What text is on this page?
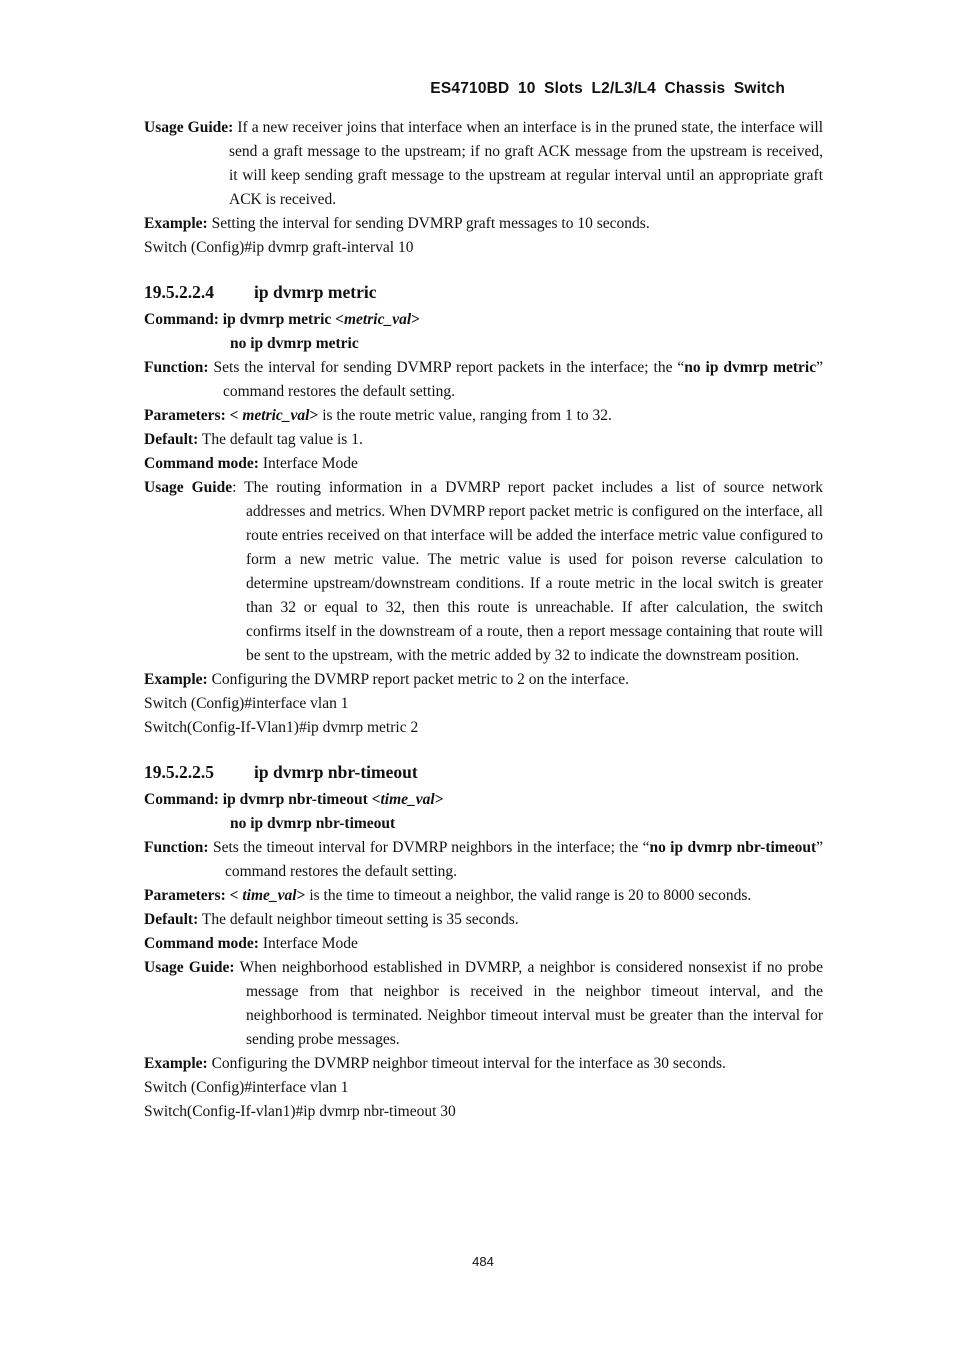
ES4710BD 10 Slots L2/L3/L4 Chassis Switch

Usage Guide: If a new receiver joins that interface when an interface is in the pruned state, the interface will send a graft message to the upstream; if no graft ACK message from the upstream is received, it will keep sending graft message to the upstream at regular interval until an appropriate graft ACK is received.

Example: Setting the interval for sending DVMRP graft messages to 10 seconds.

Switch (Config)#ip dvmrp graft-interval 10

19.5.2.2.4 ip dvmrp metric

Command: ip dvmrp metric <metric_val>

no ip dvmrp metric

Function: Sets the interval for sending DVMRP report packets in the interface; the “no ip dvmrp metric” command restores the default setting.

Parameters: < metric_val> is the route metric value, ranging from 1 to 32.

Default: The default tag value is 1.

Command mode: Interface Mode

Usage Guide: The routing information in a DVMRP report packet includes a list of source network addresses and metrics. When DVMRP report packet metric is configured on the interface, all route entries received on that interface will be added the interface metric value configured to form a new metric value. The metric value is used for poison reverse calculation to determine upstream/downstream conditions. If a route metric in the local switch is greater than 32 or equal to 32, then this route is unreachable. If after calculation, the switch confirms itself in the downstream of a route, then a report message containing that route will be sent to the upstream, with the metric added by 32 to indicate the downstream position.

Example: Configuring the DVMRP report packet metric to 2 on the interface.

Switch (Config)#interface vlan 1

Switch(Config-If-Vlan1)#ip dvmrp metric 2

19.5.2.2.5 ip dvmrp nbr-timeout

Command: ip dvmrp nbr-timeout <time_val>

no ip dvmrp nbr-timeout

Function: Sets the timeout interval for DVMRP neighbors in the interface; the “no ip dvmrp nbr-timeout” command restores the default setting.

Parameters: < time_val> is the time to timeout a neighbor, the valid range is 20 to 8000 seconds.

Default: The default neighbor timeout setting is 35 seconds.

Command mode: Interface Mode

Usage Guide: When neighborhood established in DVMRP, a neighbor is considered nonsexist if no probe message from that neighbor is received in the neighbor timeout interval, and the neighborhood is terminated. Neighbor timeout interval must be greater than the interval for sending probe messages.

Example: Configuring the DVMRP neighbor timeout interval for the interface as 30 seconds.

Switch (Config)#interface vlan 1

Switch(Config-If-vlan1)#ip dvmrp nbr-timeout 30

484
